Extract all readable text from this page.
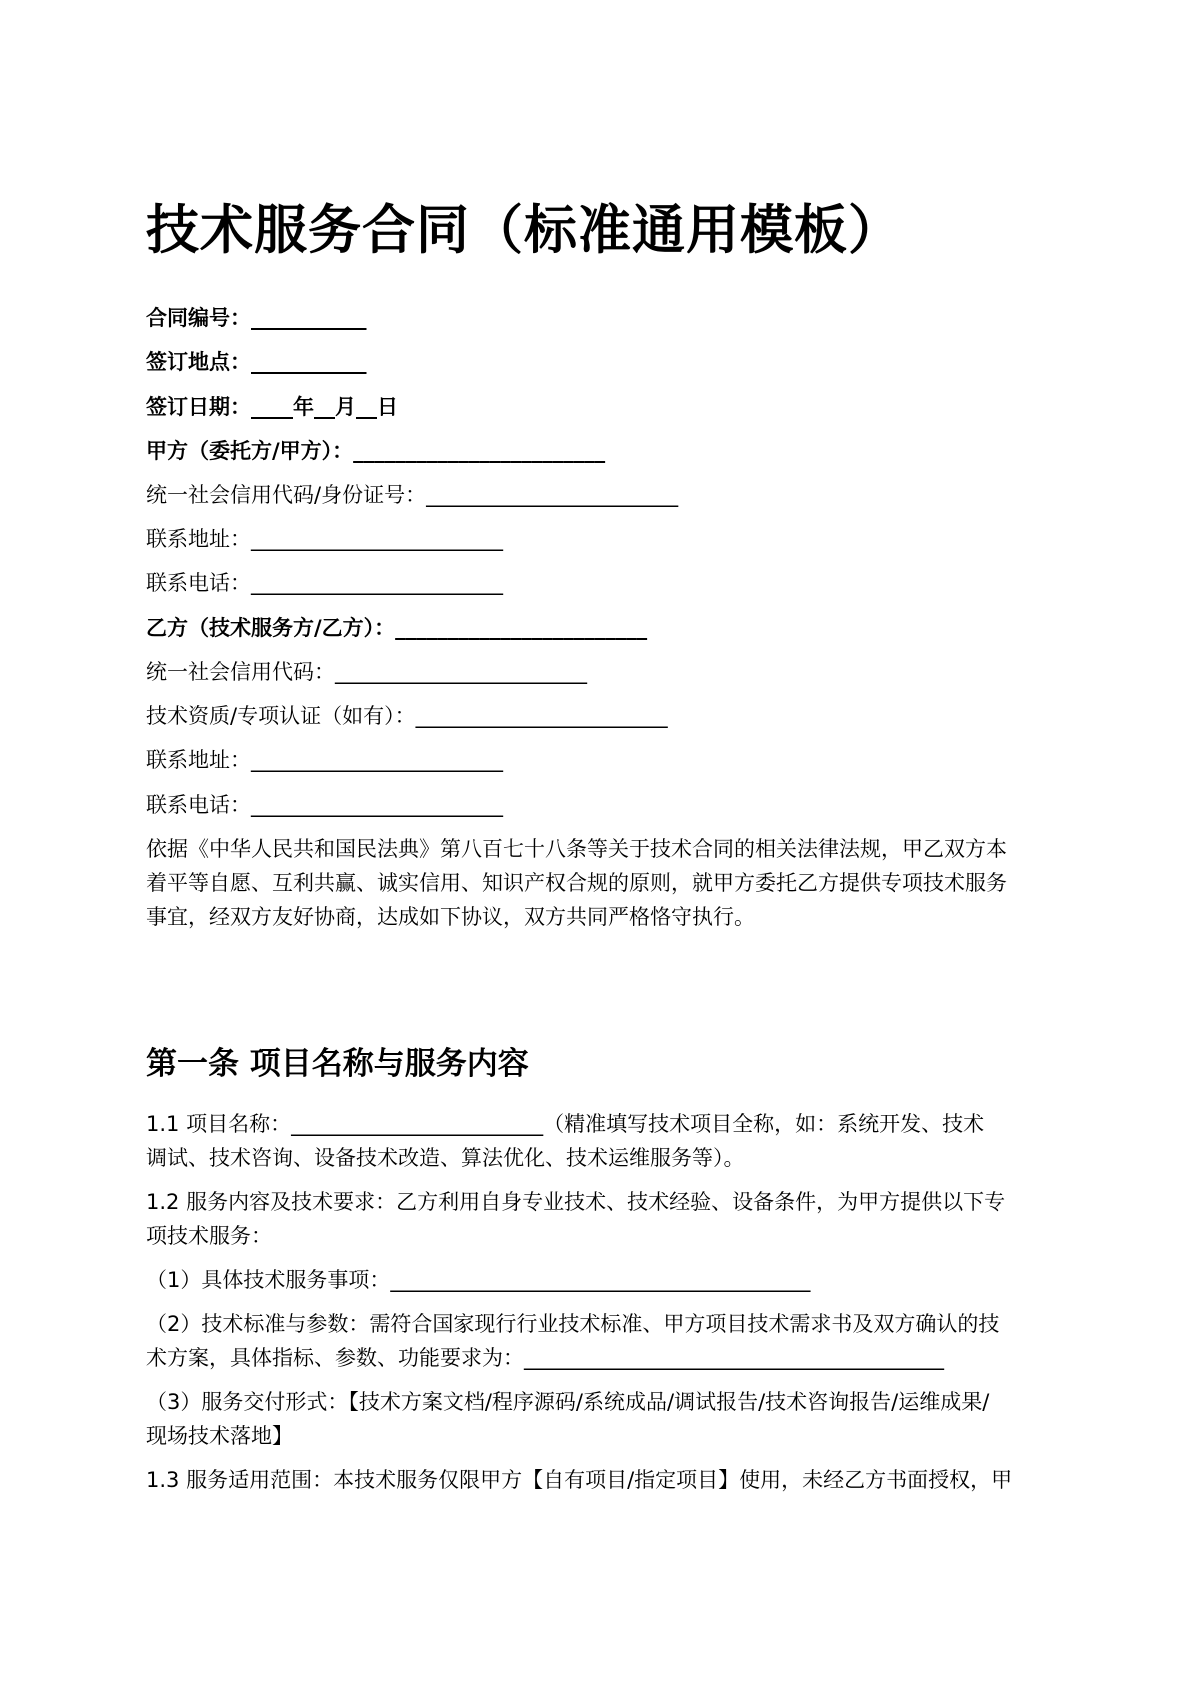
技术服务合同（标准通用模板）
合同编号：___________
签订地点：___________
签订日期：____年__月__日
甲方（委托方/甲方）：________________________
统一社会信用代码/身份证号：________________________
联系地址：________________________
联系电话：________________________
乙方（技术服务方/乙方）：________________________
统一社会信用代码：________________________
技术资质/专项认证（如有）：________________________
联系地址：________________________
联系电话：________________________
依据《中华人民共和国民法典》第八百七十八条等关于技术合同的相关法律法规，甲乙双方本
着平等自愿、互利共赢、诚实信用、知识产权合规的原则，就甲方委托乙方提供专项技术服务
事宜，经双方友好协商，达成如下协议，双方共同严格恪守执行。
第一条 项目名称与服务内容
1.1 项目名称：________________________（精准填写技术项目全称，如：系统开发、技术
调试、技术咨询、设备技术改造、算法优化、技术运维服务等）。
1.2 服务内容及技术要求：乙方利用自身专业技术、技术经验、设备条件，为甲方提供以下专
项技术服务：
（1）具体技术服务事项：________________________________________
（2）技术标准与参数：需符合国家现行行业技术标准、甲方项目技术需求书及双方确认的技
术方案，具体指标、参数、功能要求为：________________________________________
（3）服务交付形式：【技术方案文档/程序源码/系统成品/调试报告/技术咨询报告/运维成果/
现场技术落地】
1.3 服务适用范围：本技术服务仅限甲方【自有项目/指定项目】使用，未经乙方书面授权，甲
